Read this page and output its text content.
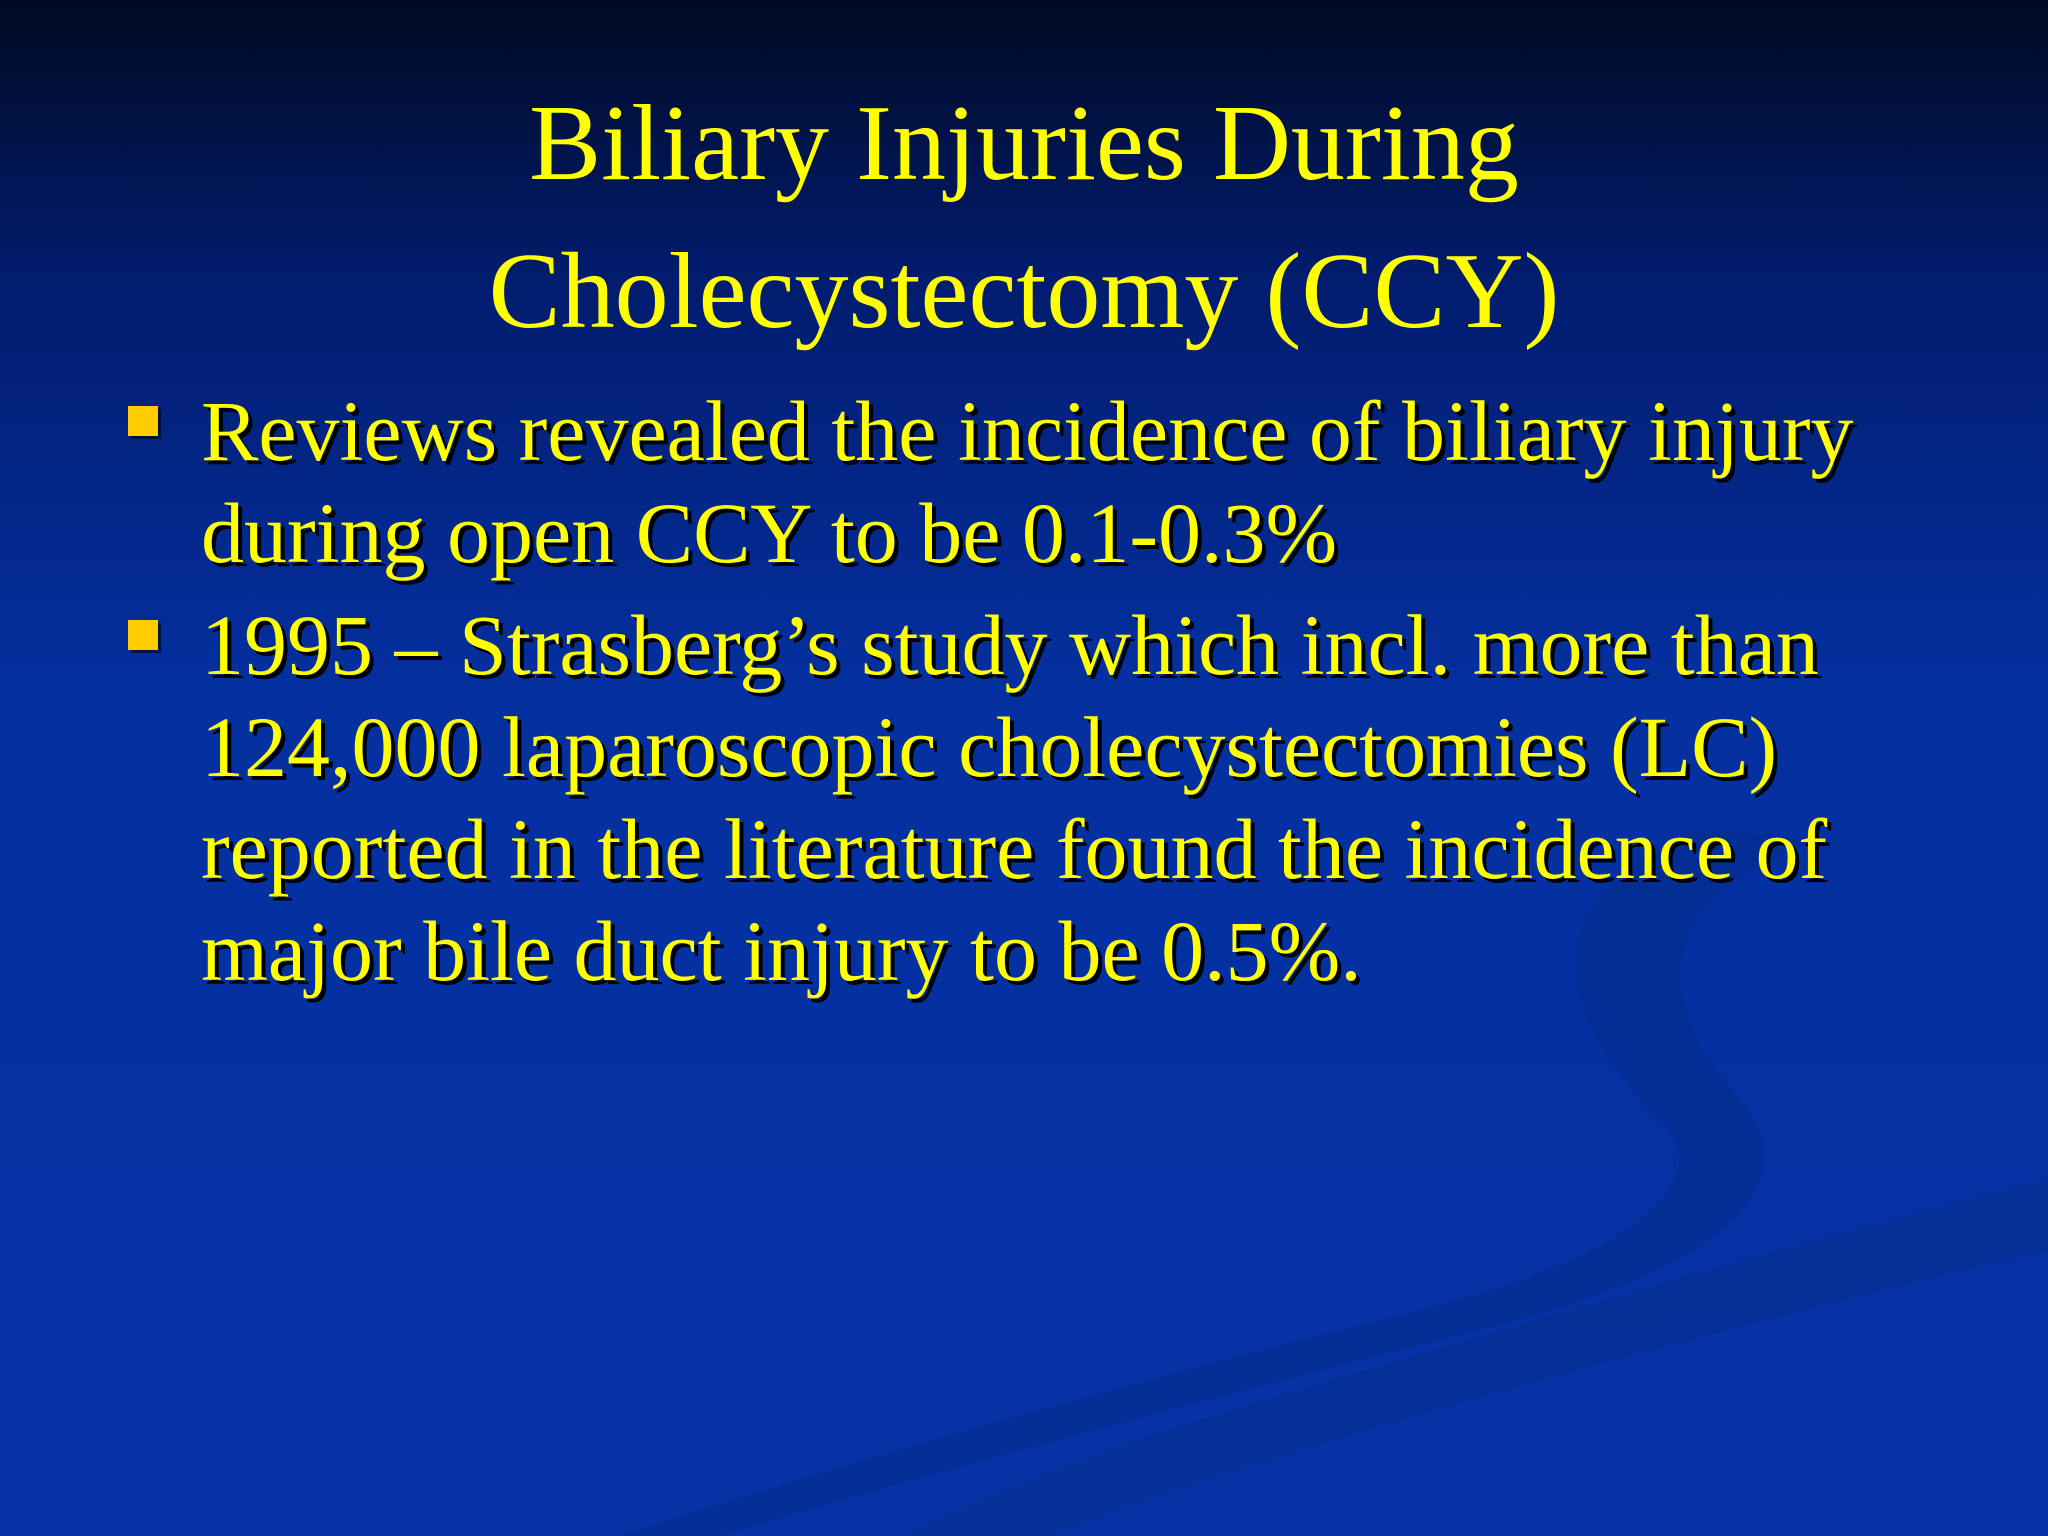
Biliary Injuries During
Cholecystectomy (CCY)
Reviews revealed the incidence of biliary injury
during open CCY to be 0.1-0.3%
1995 – Strasberg’s study which incl. more than
124,000 laparoscopic cholecystectomies (LC)
reported in the literature found the incidence of
major bile duct injury to be 0.5%.
